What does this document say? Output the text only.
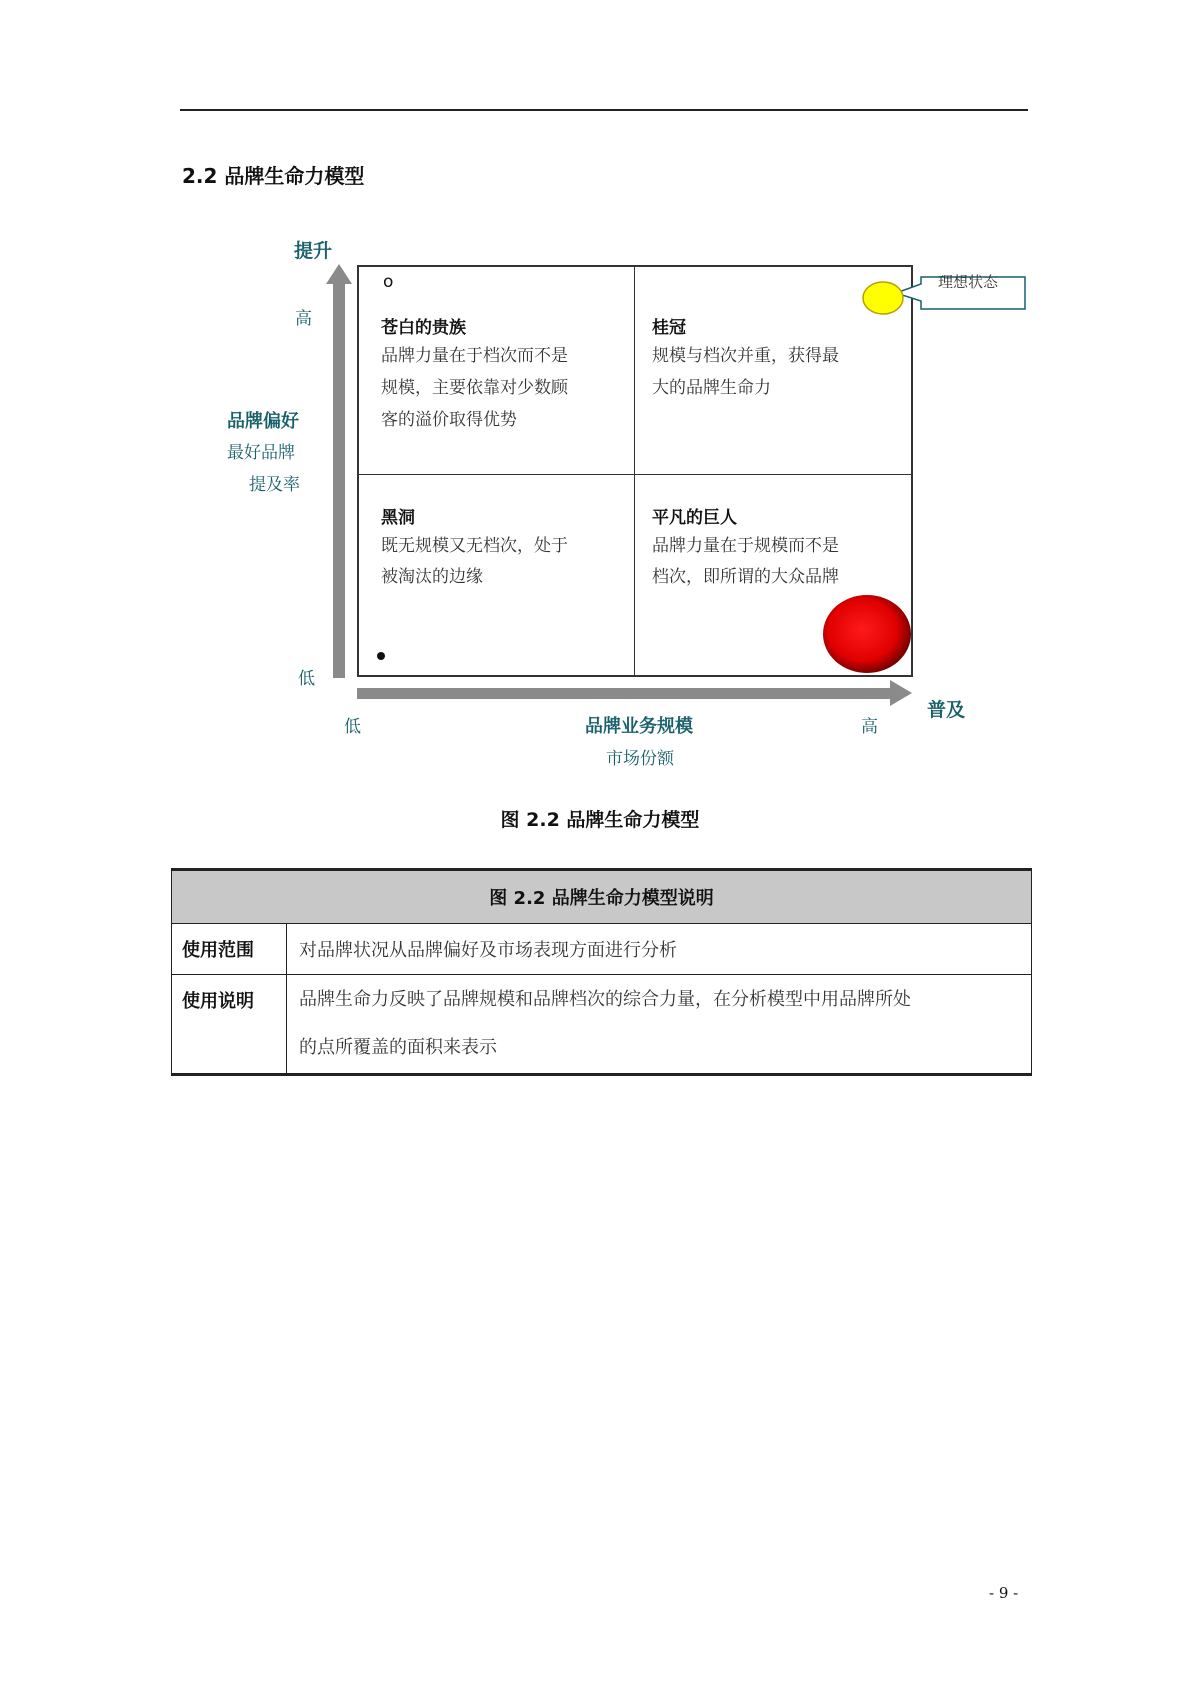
2.2 品牌生命力模型
提升
高
品牌偏好
最好品牌
提及率
低
o
苍白的贵族
品牌力量在于档次而不是
规模，主要依靠对少数顾
客的溢价取得优势
桂冠
规模与档次并重，获得最
大的品牌生命力
黑洞
既无规模又无档次，处于
被淘汰的边缘
平凡的巨人
品牌力量在于规模而不是
档次，即所谓的大众品牌
理想状态
普及
低	品牌业务规模	高
市场份额
图 2.2 品牌生命力模型
图 2.2 品牌生命力模型说明	
使用范围	对品牌状况从品牌偏好及市场表现方面进行分析

使用说明	品牌生命力反映了品牌规模和品牌档次的综合力量，在分析模型中用品牌所处
的点所覆盖的面积来表示
- 9 -
